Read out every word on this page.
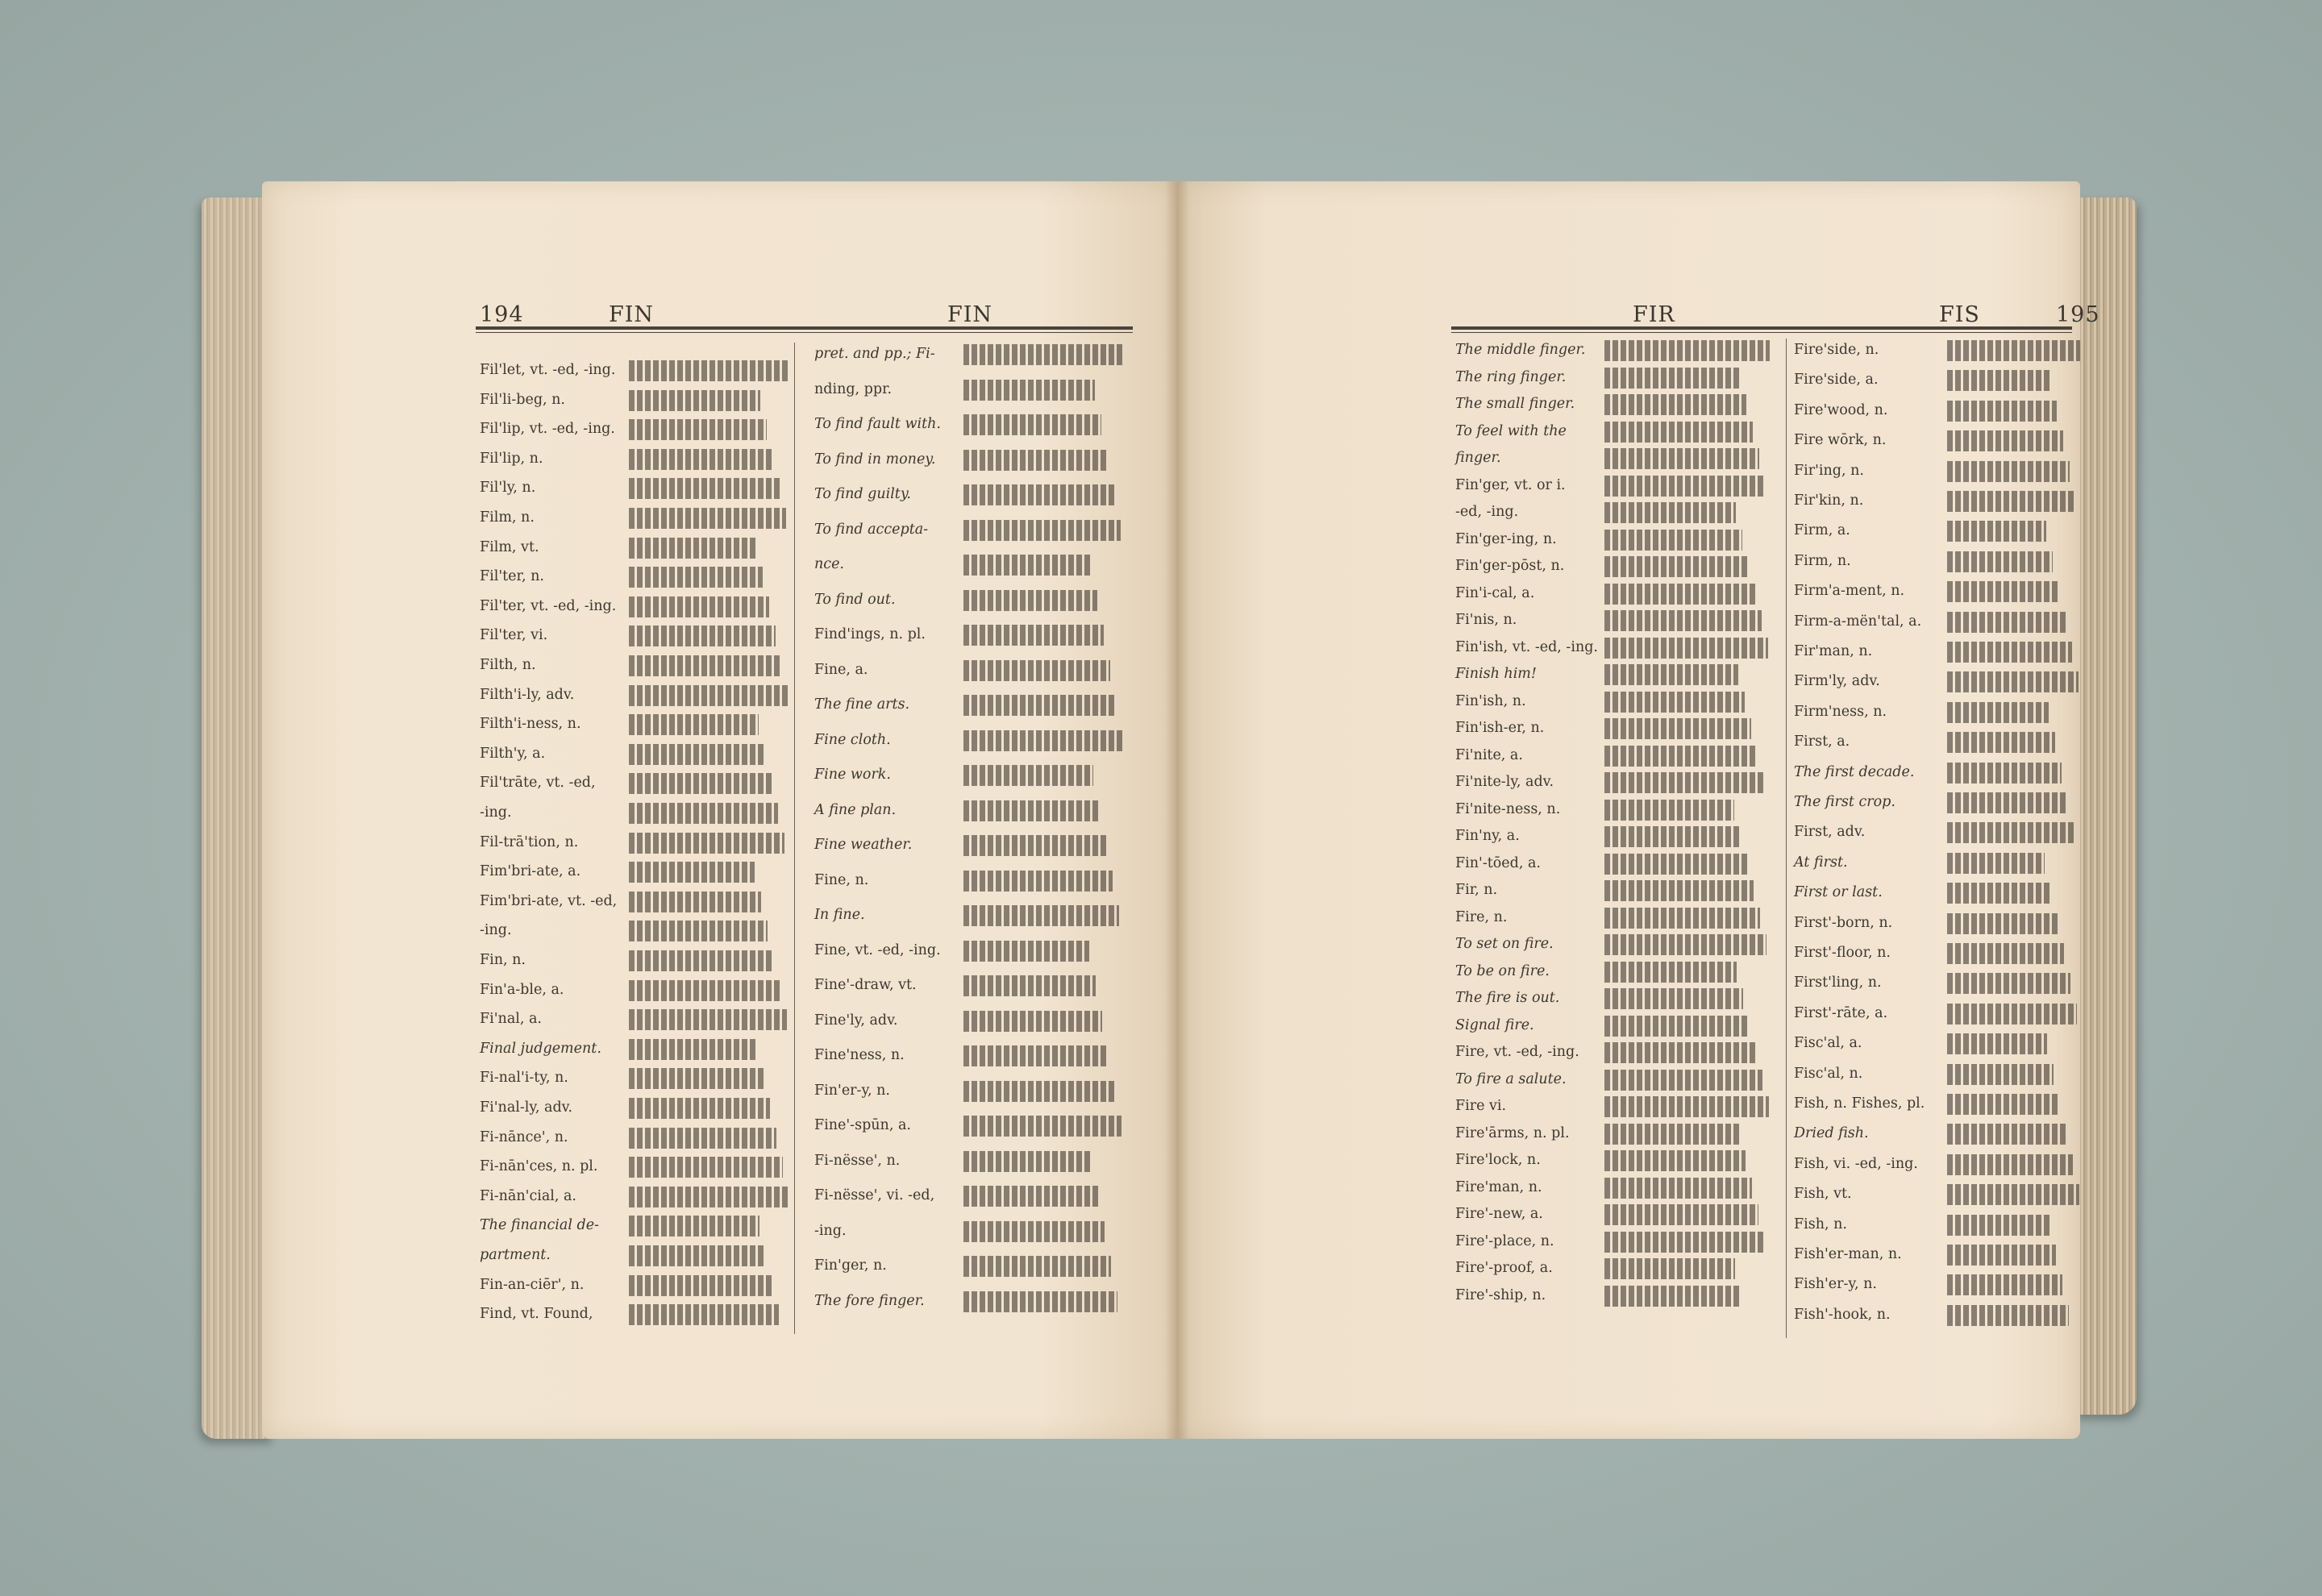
194	FIN	FIN
Fil'let, vt. -ed, -ing.
Fil'li-beg, n.
Fil'lip, vt. -ed, -ing.
Fil'lip, n.
Fil'ly, n.
Film, n.
Film, vt.
Fil'ter, n.
Fil'ter, vt. -ed, -ing.
Fil'ter, vi.
Filth, n.
Filth'i-ly, adv.
Filth'i-ness, n.
Filth'y, a.
Fil'trāte, vt. -ed,
-ing.
Fil-trā'tion, n.
Fim'bri-ate, a.
Fim'bri-ate, vt. -ed,
-ing.
Fin, n.
Fin'a-ble, a.
Fi'nal, a.
Final judgement.
Fi-nal'i-ty, n.
Fi'nal-ly, adv.
Fi-nānce', n.
Fi-nān'ces, n. pl.
Fi-nān'cial, a.
The financial de-
partment.
Fin-an-ciēr', n.
Find, vt. Found,
pret. and pp.; Fi-
nding, ppr.
To find fault with.
To find in money.
To find guilty.
To find accepta-
nce.
To find out.
Find'ings, n. pl.
Fine, a.
The fine arts.
Fine cloth.
Fine work.
A fine plan.
Fine weather.
Fine, n.
In fine.
Fine, vt. -ed, -ing.
Fine'-draw, vt.
Fine'ly, adv.
Fine'ness, n.
Fin'er-y, n.
Fine'-spūn, a.
Fi-nësse', n.
Fi-nësse', vi. -ed,
-ing.
Fin'ger, n.
The fore finger.
FIR	FIS	195
The middle finger.
The ring finger.
The small finger.
To feel with the
finger.
Fin'ger, vt. or i.
-ed, -ing.
Fin'ger-ing, n.
Fin'ger-pōst, n.
Fin'i-cal, a.
Fi'nis, n.
Fin'ish, vt. -ed, -ing.
Finish him!
Fin'ish, n.
Fin'ish-er, n.
Fi'nite, a.
Fi'nite-ly, adv.
Fi'nite-ness, n.
Fin'ny, a.
Fin'-tōed, a.
Fir, n.
Fire, n.
To set on fire.
To be on fire.
The fire is out.
Signal fire.
Fire, vt. -ed, -ing.
To fire a salute.
Fire vi.
Fire'ārms, n. pl.
Fire'lock, n.
Fire'man, n.
Fire'-new, a.
Fire'-place, n.
Fire'-proof, a.
Fire'-ship, n.
Fire'side, n.
Fire'side, a.
Fire'wood, n.
Fire wōrk, n.
Fir'ing, n.
Fir'kin, n.
Firm, a.
Firm, n.
Firm'a-ment, n.
Firm-a-mën'tal, a.
Fir'man, n.
Firm'ly, adv.
Firm'ness, n.
First, a.
The first decade.
The first crop.
First, adv.
At first.
First or last.
First'-born, n.
First'-floor, n.
First'ling, n.
First'-rāte, a.
Fisc'al, a.
Fisc'al, n.
Fish, n. Fishes, pl.
Dried fish.
Fish, vi. -ed, -ing.
Fish, vt.
Fish, n.
Fish'er-man, n.
Fish'er-y, n.
Fish'-hook, n.
